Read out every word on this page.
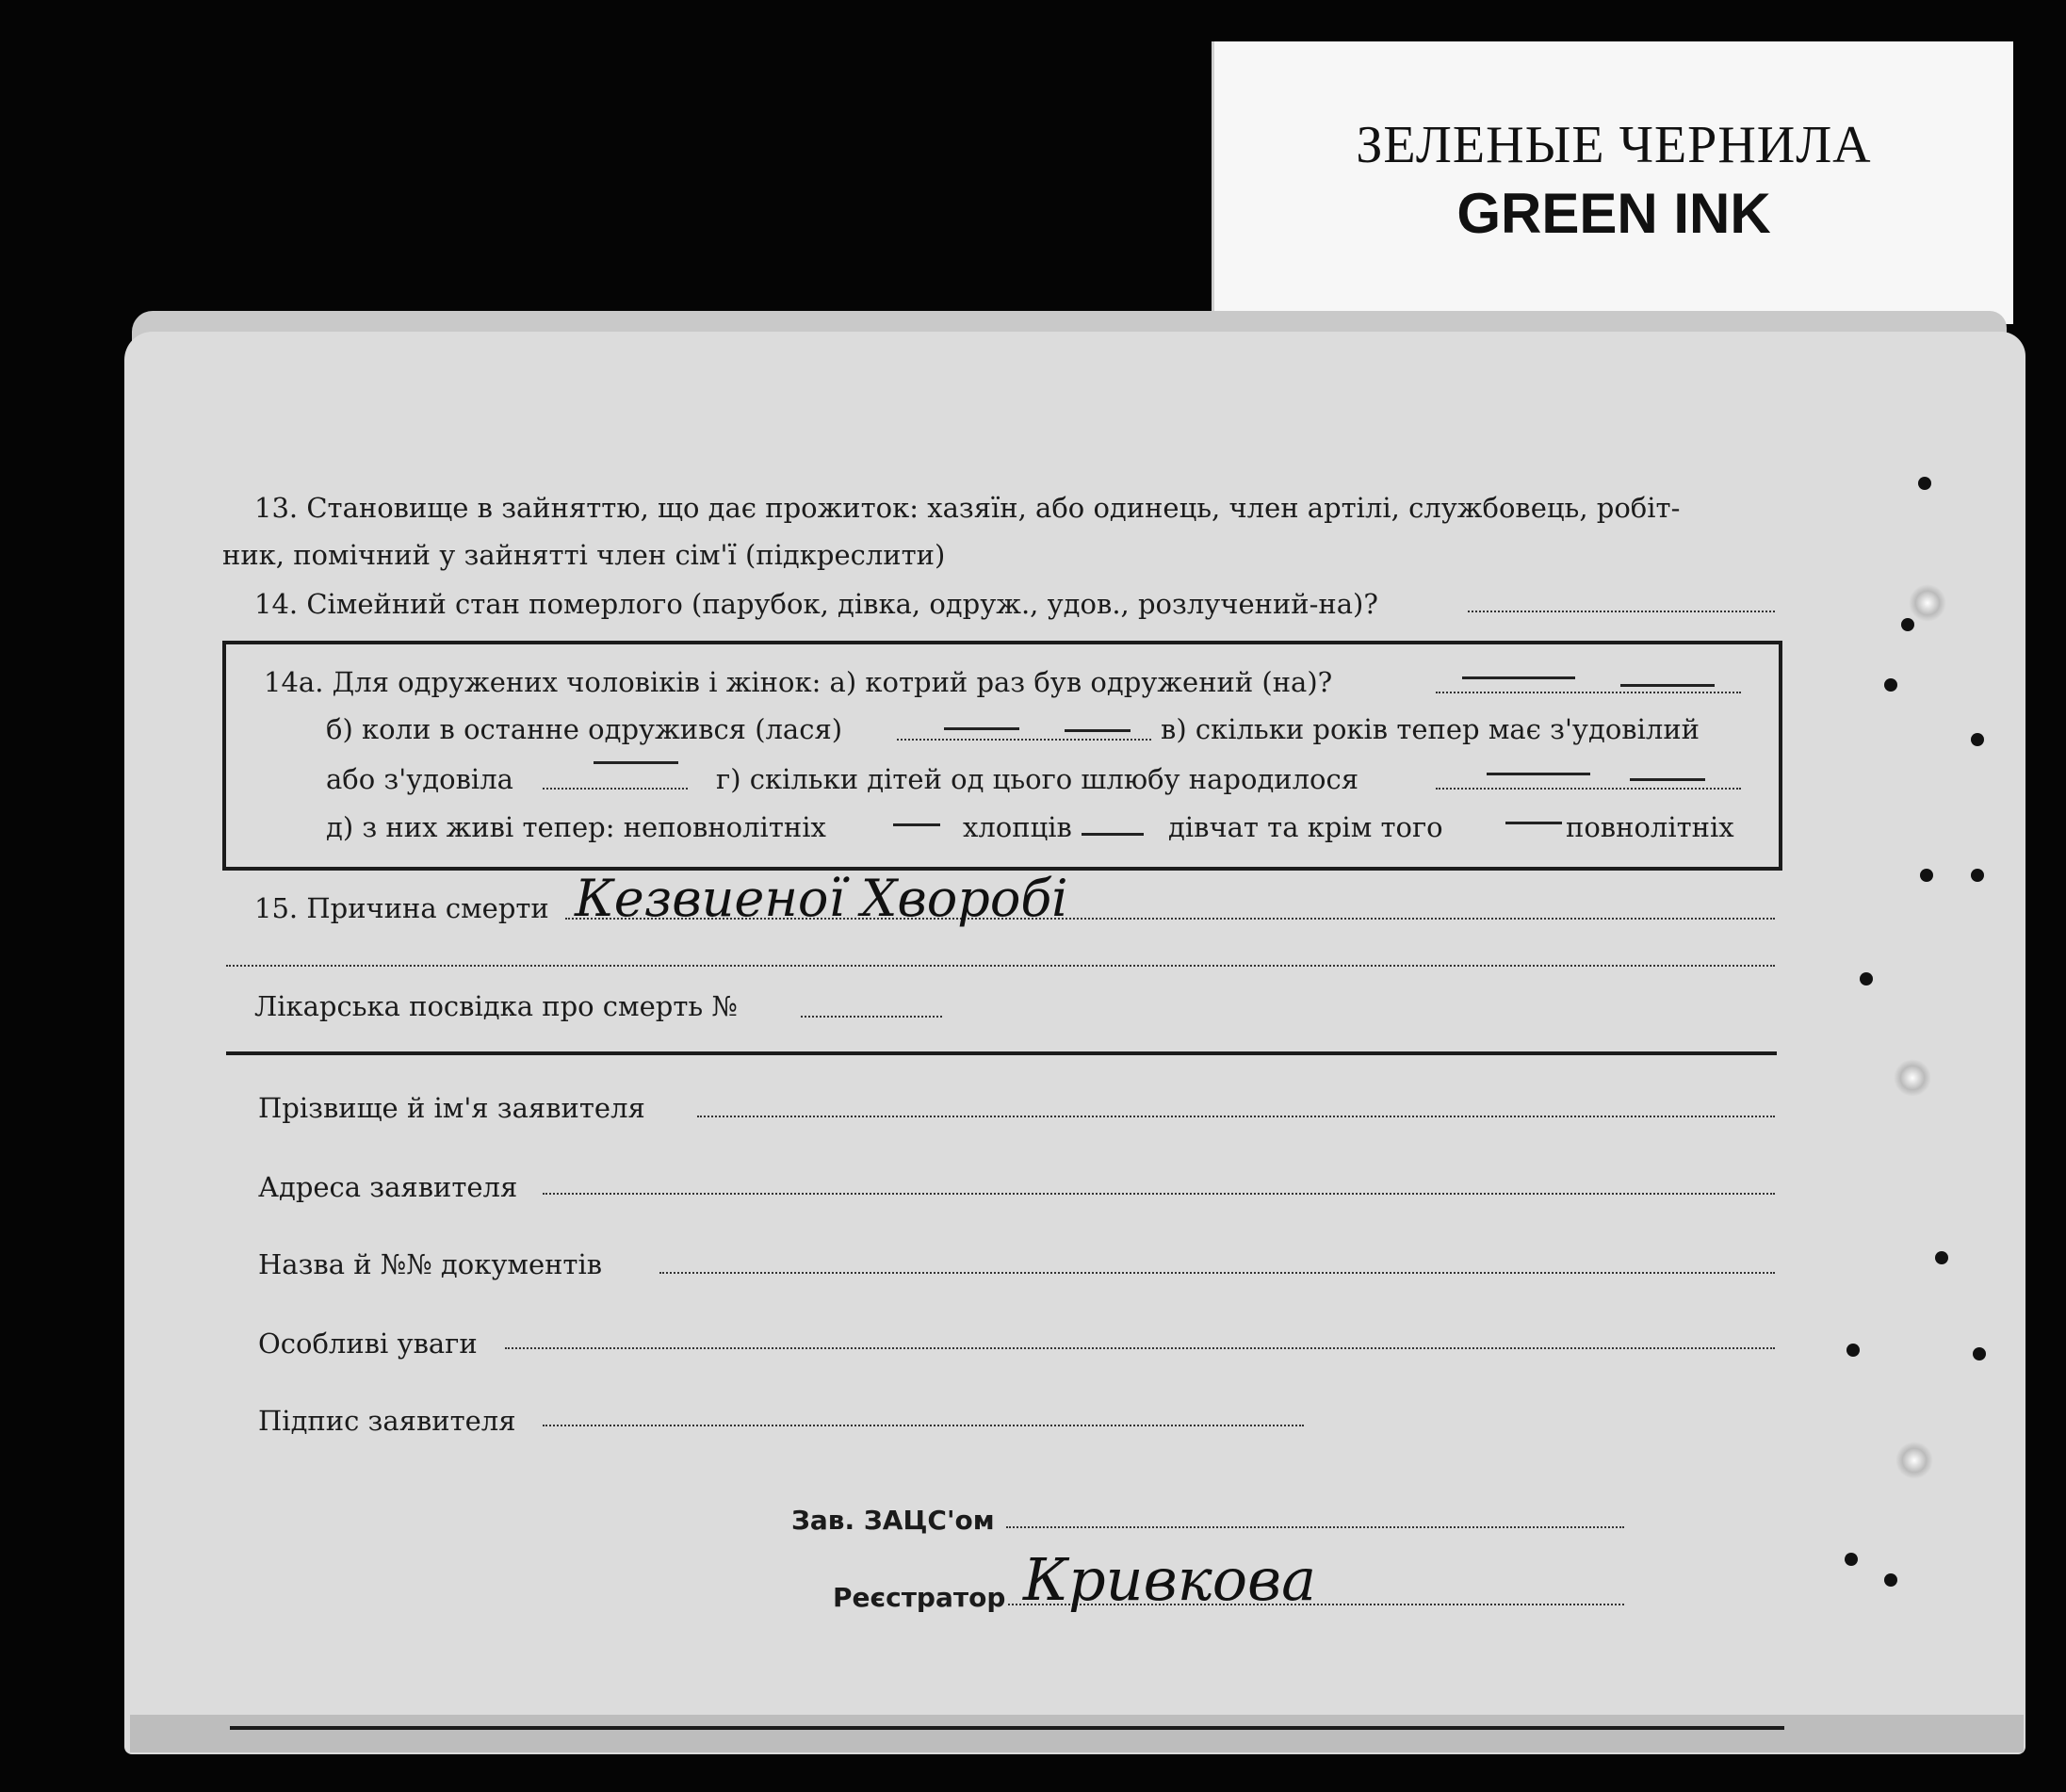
ЗЕЛЕНЫЕ ЧЕРНИЛА
GREEN INK
13. Становище в зайняттю, що дає прожиток: хазяїн, або одинець, член артілі, службовець, робіт-
ник, помічний у зайнятті член сім'ї (підкреслити)
14. Сімейний стан померлого (парубок, дівка, одруж., удов., розлучений-на)?
14а. Для одружених чоловіків і жінок: а) котрий раз був одружений (на)?
б) коли в останне одружився (лася)	в) скільки років тепер має з'удовілий
або з'удовіла	г) скільки дітей од цього шлюбу народилося
д) з них живі тепер: неповнолітніх	хлопців	дівчат та крім того	повнолітніх
15. Причина смерти Кезвиеної Хворобі
Лікарська посвідка про смерть №
Прізвище й ім'я заявителя
Адреса заявителя
Назва й №№ документів
Особливі уваги
Підпис заявителя
Зав. ЗАЦС'ом
Реєстратор Кривкова
